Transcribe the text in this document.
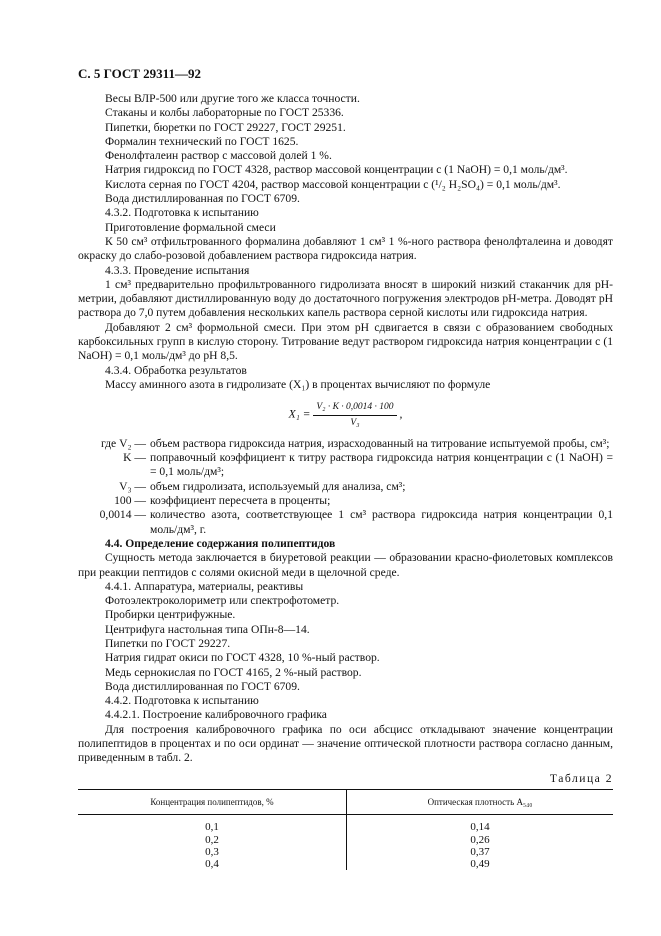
С. 5 ГОСТ 29311—92

Весы ВЛР-500 или другие того же класса точности.

Стаканы и колбы лабораторные по ГОСТ 25336.

Пипетки, бюретки по ГОСТ 29227, ГОСТ 29251.

Формалин технический по ГОСТ 1625.

Фенолфталеин раствор с массовой долей 1 %.

Натрия гидроксид по ГОСТ 4328, раствор массовой концентрации c (1 NaOH) = 0,1 моль/дм³.

Кислота серная по ГОСТ 4204, раствор массовой концентрации c (¹/₂ H₂SO₄) = 0,1 моль/дм³.

Вода дистиллированная по ГОСТ 6709.

4.3.2. Подготовка к испытанию

Приготовление формальной смеси

К 50 см³ отфильтрованного формалина добавляют 1 см³ 1 %-ного раствора фенолфталеина и доводят окраску до слабо-розовой добавлением раствора гидроксида натрия.

4.3.3. Проведение испытания

1 см³ предварительно профильтрованного гидролизата вносят в широкий низкий стаканчик для pH-метрии, добавляют дистиллированную воду до достаточного погружения электродов pH-метра. Доводят pH раствора до 7,0 путем добавления нескольких капель раствора серной кислоты или гидроксида натрия.

Добавляют 2 см³ формольной смеси. При этом pH сдвигается в связи с образованием свободных карбоксильных групп в кислую сторону. Титрование ведут раствором гидроксида натрия концентрации c (1 NaOH) = 0,1 моль/дм³ до pH 8,5.

4.3.4. Обработка результатов

Массу аминного азота в гидролизате (X₁) в процентах вычисляют по формуле

$X_1 = \frac{\text{V₂ · K · 0,0014 · 100}}{\text{V₃}}$ ,
где V₂ — объем раствора гидроксида натрия, израсходованный на титрование испытуемой пробы, см³;
K — поправочный коэффициент к титру раствора гидроксида натрия концентрации c (1 NaOH) = = 0,1 моль/дм³;
V₃ — объем гидролизата, используемый для анализа, см³;
100 — коэффициент пересчета в проценты;
0,0014 — количество азота, соответствующее 1 см³ раствора гидроксида натрия концентрации 0,1 моль/дм³, г.

4.4. Определение содержания полипептидов

Сущность метода заключается в биуретовой реакции — образовании красно-фиолетовых комплексов при реакции пептидов с солями окисной меди в щелочной среде.

4.4.1. Аппаратура, материалы, реактивы

Фотоэлектроколориметр или спектрофотометр.

Пробирки центрифужные.

Центрифуга настольная типа ОПн-8—14.

Пипетки по ГОСТ 29227.

Натрия гидрат окиси по ГОСТ 4328, 10 %-ный раствор.

Медь сернокислая по ГОСТ 4165, 2 %-ный раствор.

Вода дистиллированная по ГОСТ 6709.

4.4.2. Подготовка к испытанию

4.4.2.1. Построение калибровочного графика

Для построения калибровочного графика по оси абсцисс откладывают значение концентрации полипептидов в процентах и по оси ординат — значение оптической плотности раствора согласно данным, приведенным в табл. 2.

Таблица 2
Концентрация полипептидов, %	Оптическая плотность A₅₄₀
0,1	0,14
0,2	0,26
0,3	0,37
0,4	0,49
